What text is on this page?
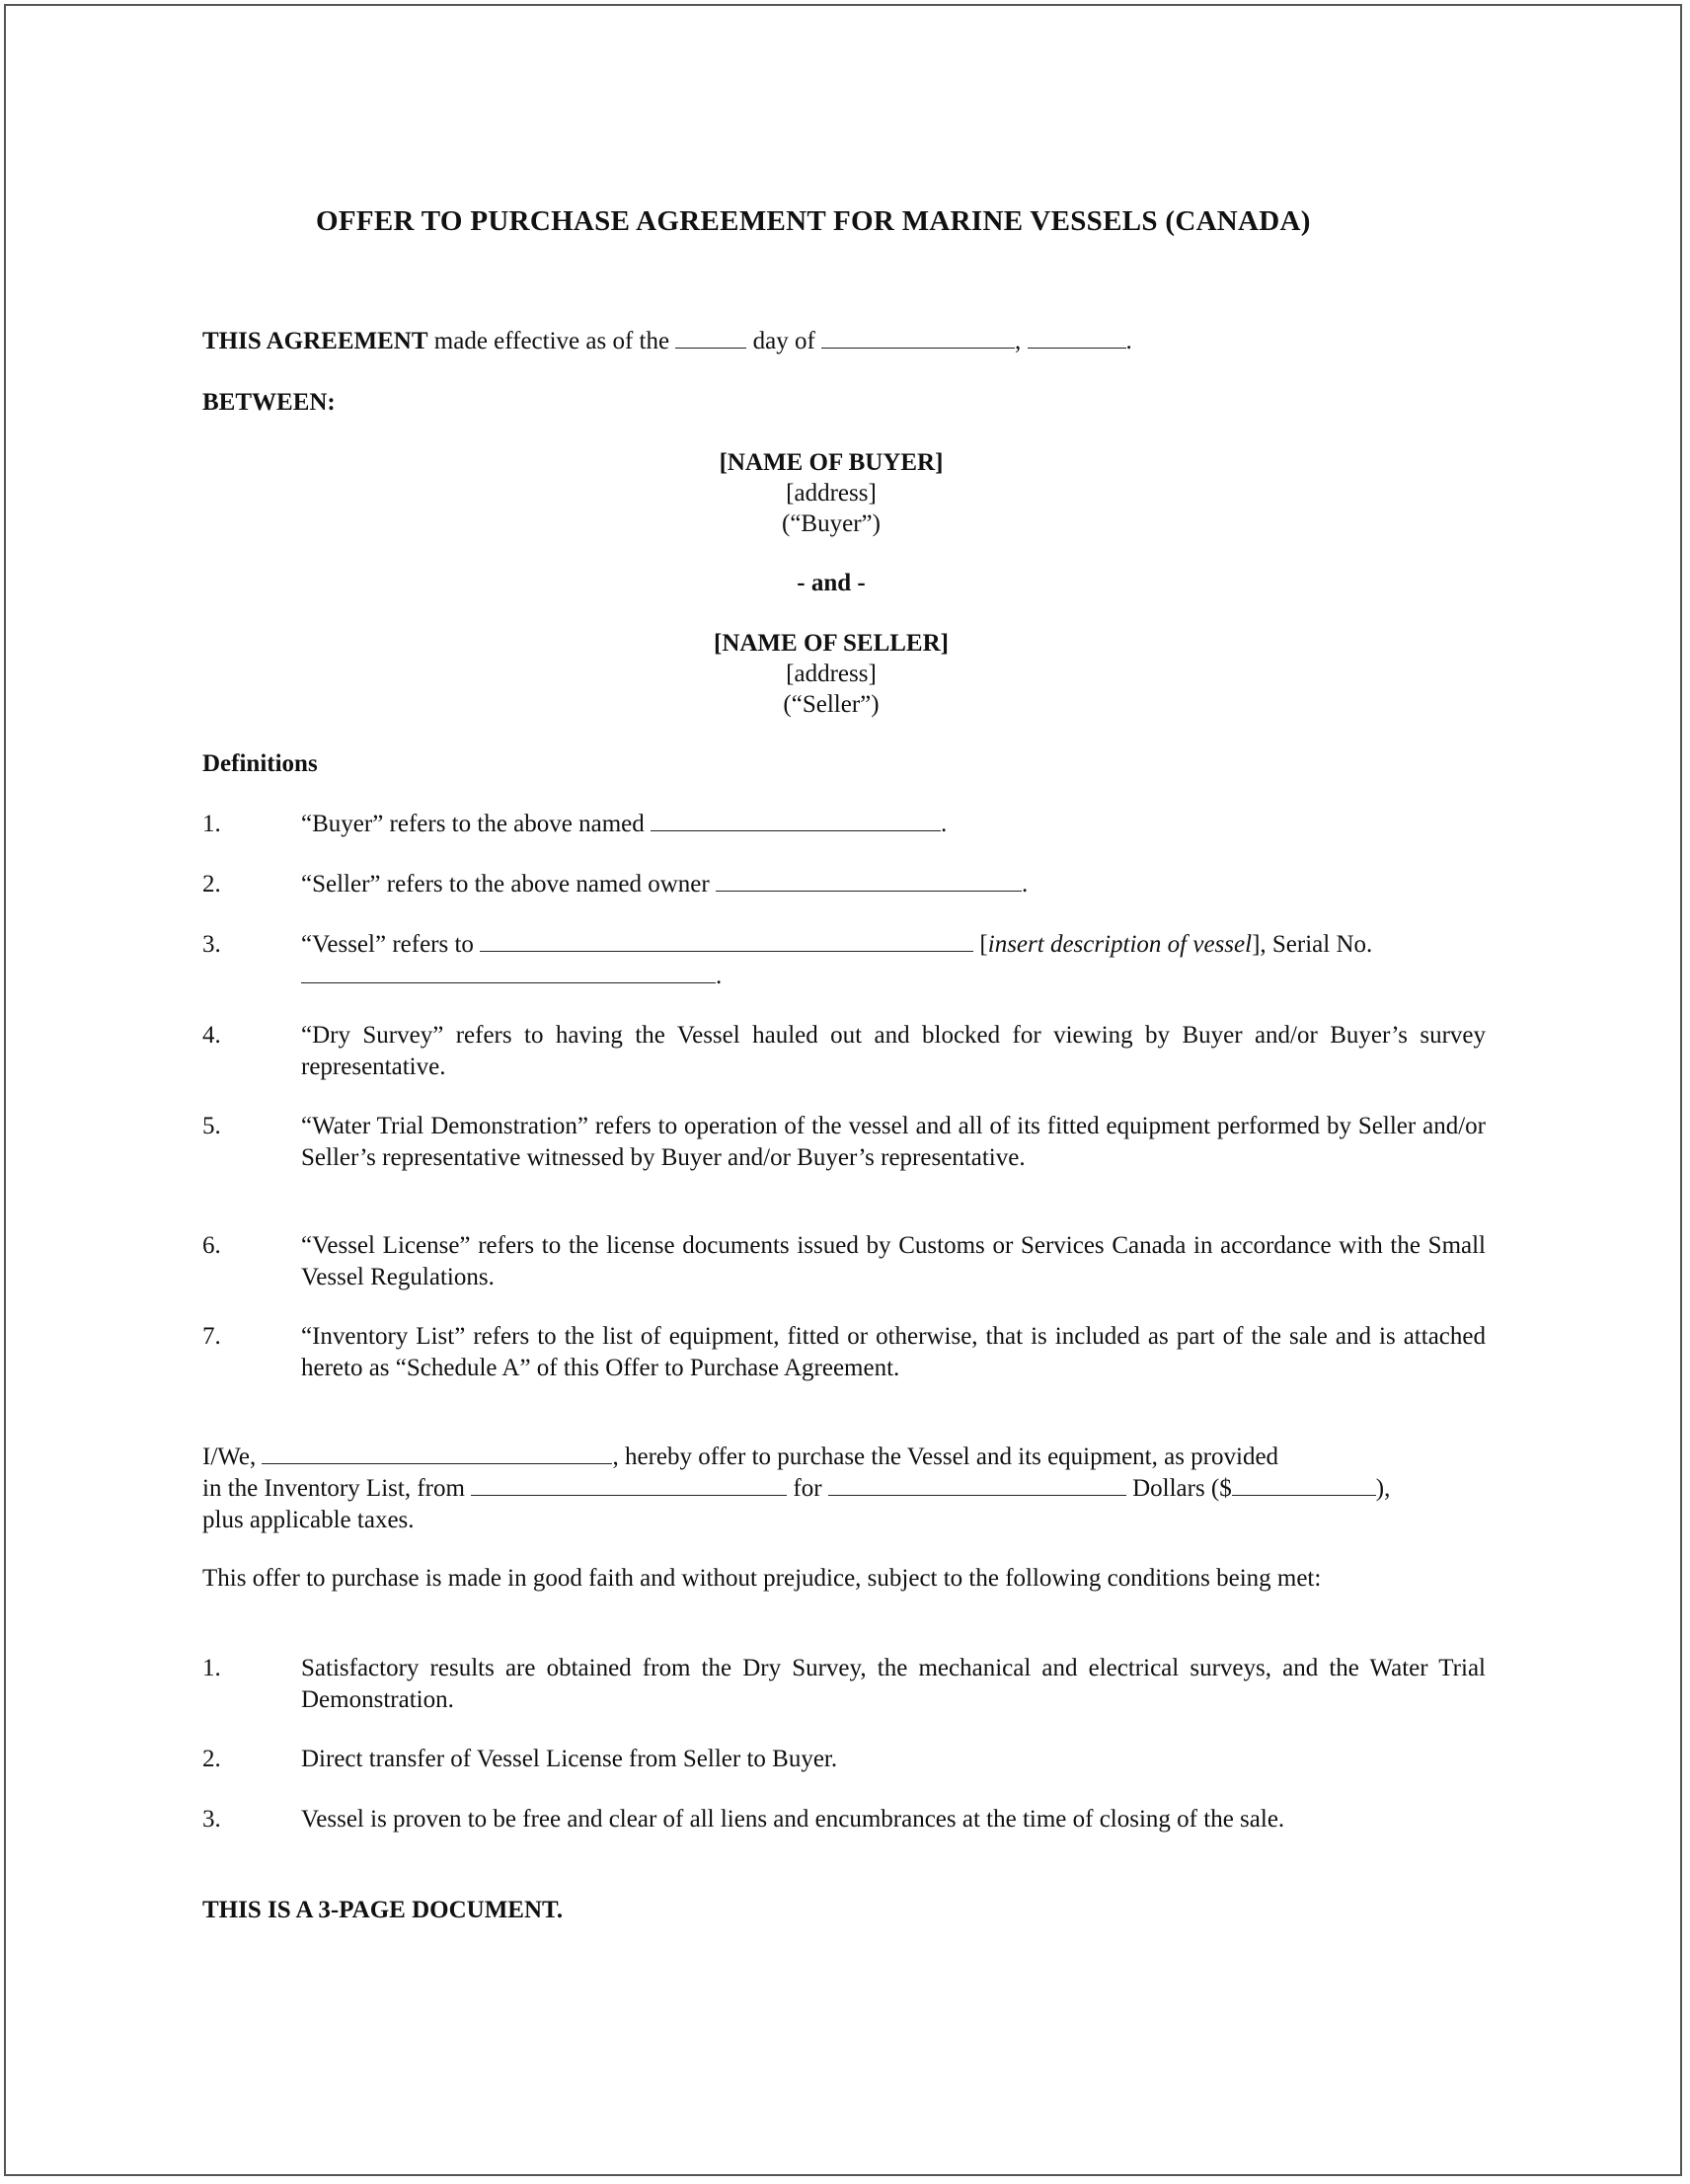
OFFER TO PURCHASE AGREEMENT FOR MARINE VESSELS (CANADA)
THIS AGREEMENT made effective as of the	day of	,	.
BETWEEN:
[NAME OF BUYER]
[address]
(“Buyer”)
- and -
[NAME OF SELLER]
[address]
(“Seller”)
Definitions
1.	“Buyer” refers to the above named	.
2.	“Seller” refers to the above named owner	.
3.	“Vessel” refers to	[insert description of vessel], Serial No.
.
4.	“Dry Survey” refers to having the Vessel hauled out and blocked for viewing by Buyer and/or Buyer’s survey representative.
5.	“Water Trial Demonstration” refers to operation of the vessel and all of its fitted equipment performed by Seller and/or Seller’s representative witnessed by Buyer and/or Buyer’s representative.
6.	“Vessel License” refers to the license documents issued by Customs or Services Canada in accordance with the Small Vessel Regulations.
7.	“Inventory List” refers to the list of equipment, fitted or otherwise, that is included as part of the sale and is attached hereto as “Schedule A” of this Offer to Purchase Agreement.
I/We,	, hereby offer to purchase the Vessel and its equipment, as provided
in the Inventory List, from	for	Dollars ($	),
plus applicable taxes.
This offer to purchase is made in good faith and without prejudice, subject to the following conditions being met:
1.	Satisfactory results are obtained from the Dry Survey, the mechanical and electrical surveys, and the Water Trial Demonstration.
2.	Direct transfer of Vessel License from Seller to Buyer.
3.	Vessel is proven to be free and clear of all liens and encumbrances at the time of closing of the sale.
THIS IS A 3-PAGE DOCUMENT.
